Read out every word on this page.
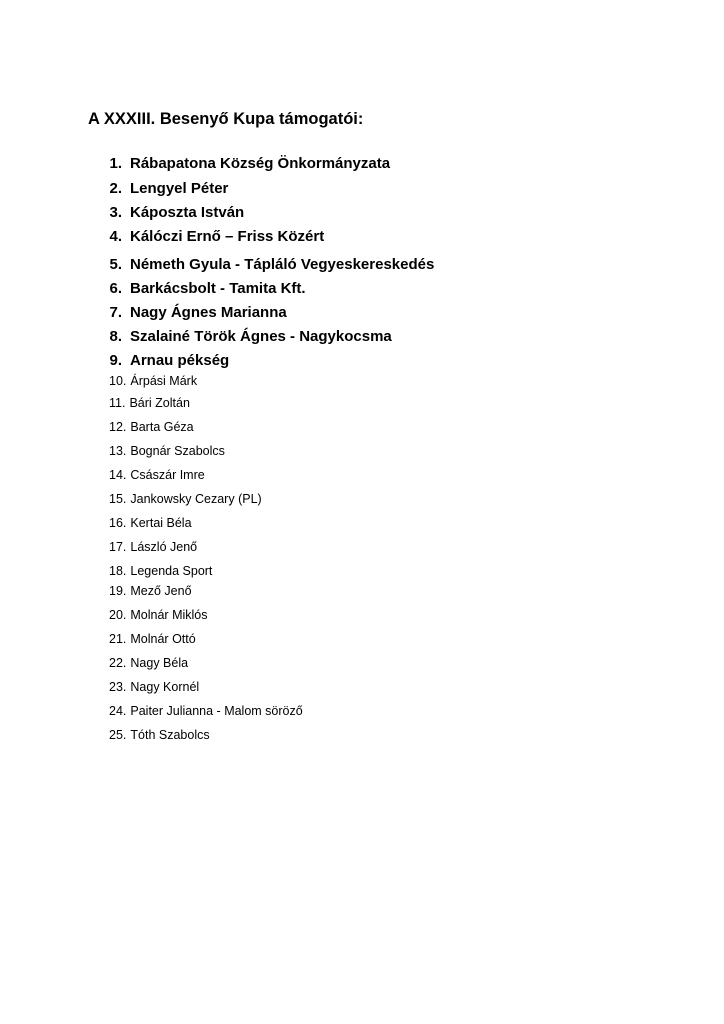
A XXXIII. Besenyő Kupa támogatói:
1. Rábapatona Község Önkormányzata
2. Lengyel Péter
3. Káposzta István
4. Kálóczi Ernő – Friss Közért
5. Németh Gyula - Tápláló Vegyeskereskedés
6. Barkácsbolt - Tamita Kft.
7. Nagy Ágnes Marianna
8. Szalainé Török Ágnes - Nagykocsma
9. Arnau pékség
10. Árpási Márk
11. Bári Zoltán
12. Barta Géza
13. Bognár Szabolcs
14. Császár Imre
15. Jankowsky Cezary (PL)
16. Kertai Béla
17. László Jenő
18. Legenda Sport
19. Mező Jenő
20. Molnár Miklós
21. Molnár Ottó
22. Nagy Béla
23. Nagy Kornél
24. Paiter Julianna - Malom söröző
25. Tóth Szabolcs
